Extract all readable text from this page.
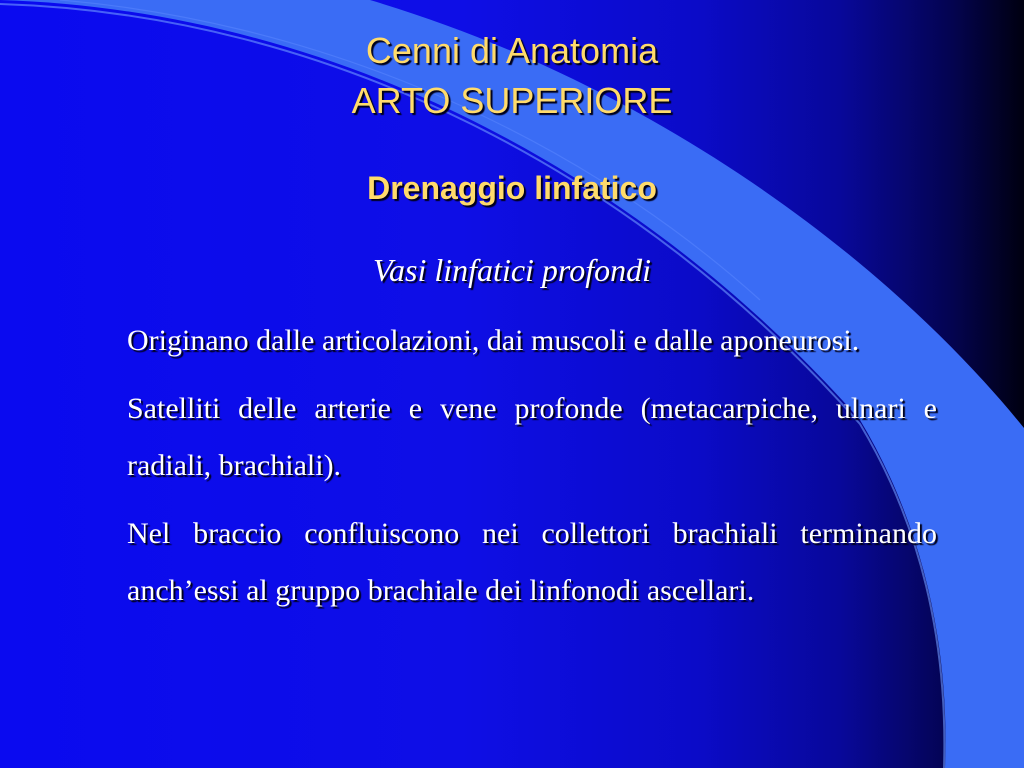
Cenni di Anatomia
ARTO SUPERIORE
Drenaggio linfatico
Vasi linfatici profondi

Originano dalle articolazioni, dai muscoli e dalle aponeurosi.

Satelliti delle arterie e vene profonde (metacarpiche, ulnari e radiali, brachiali).

Nel braccio confluiscono nei collettori brachiali terminando anch’essi al gruppo brachiale dei linfonodi ascellari.
